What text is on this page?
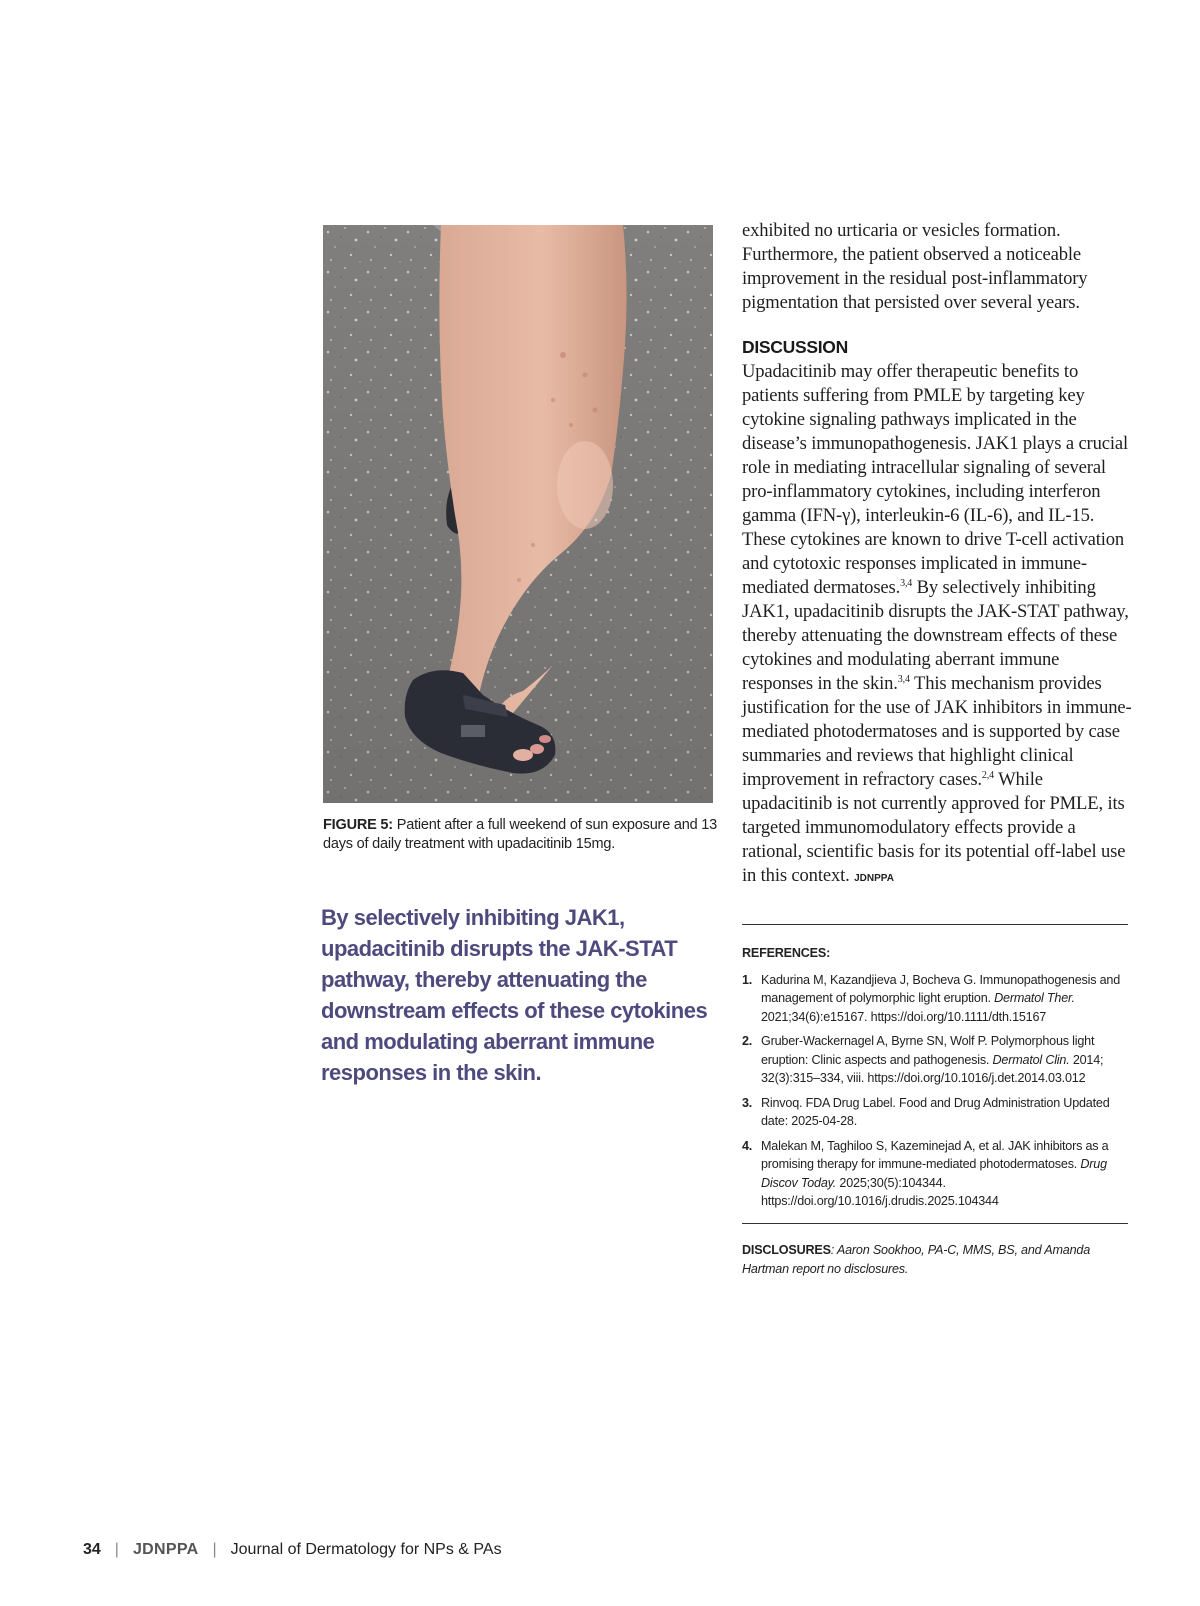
FIGURE 5: Patient after a full weekend of sun exposure and 13 days of daily treatment with upadacitinib 15mg.
By selectively inhibiting JAK1, upadacitinib disrupts the JAK-STAT pathway, thereby attenuating the downstream effects of these cytokines and modulating aberrant immune responses in the skin.

exhibited no urticaria or vesicles formation. Furthermore, the patient observed a noticeable improvement in the residual post-inflammatory pigmentation that persisted over several years.

DISCUSSION

Upadacitinib may offer therapeutic benefits to patients suffering from PMLE by targeting key cytokine signaling pathways implicated in the disease’s immunopathogenesis. JAK1 plays a crucial role in mediating intracellular signaling of several pro-inflammatory cytokines, including interferon gamma (IFN-γ), interleukin-6 (IL-6), and IL-15. These cytokines are known to drive T-cell activation and cytotoxic responses implicated in immune-mediated dermatoses.$^{3,4}$ By selectively inhibiting JAK1, upadacitinib disrupts the JAK-STAT pathway, thereby attenuating the downstream effects of these cytokines and modulating aberrant immune responses in the skin.$^{3,4}$ This mechanism provides justification for the use of JAK inhibitors in immune-mediated photodermatoses and is supported by case summaries and reviews that highlight clinical improvement in refractory cases.$^{2,4}$ While upadacitinib is not currently approved for PMLE, its targeted immunomodulatory effects provide a rational, scientific basis for its potential off-label use in this context. JDNPPA

REFERENCES:
1. Kadurina M, Kazandjieva J, Bocheva G. Immunopathogenesis and management of polymorphic light eruption. Dermatol Ther. 2021;34(6):e15167. https://doi.org/10.1111/dth.15167
2. Gruber-Wackernagel A, Byrne SN, Wolf P. Polymorphous light eruption: Clinic aspects and pathogenesis. Dermatol Clin. 2014; 32(3):315–334, viii. https://doi.org/10.1016/j.det.2014.03.012
3. Rinvoq. FDA Drug Label. Food and Drug Administration Updated date: 2025-04-28.
4. Malekan M, Taghiloo S, Kazeminejad A, et al. JAK inhibitors as a promising therapy for immune-mediated photodermatoses. Drug Discov Today. 2025;30(5):104344. https://doi.org/10.1016/j.drudis.2025.104344
DISCLOSURES: Aaron Sookhoo, PA-C, MMS, BS, and Amanda Hartman report no disclosures.
34 | JDNPPA | Journal of Dermatology for NPs & PAs
